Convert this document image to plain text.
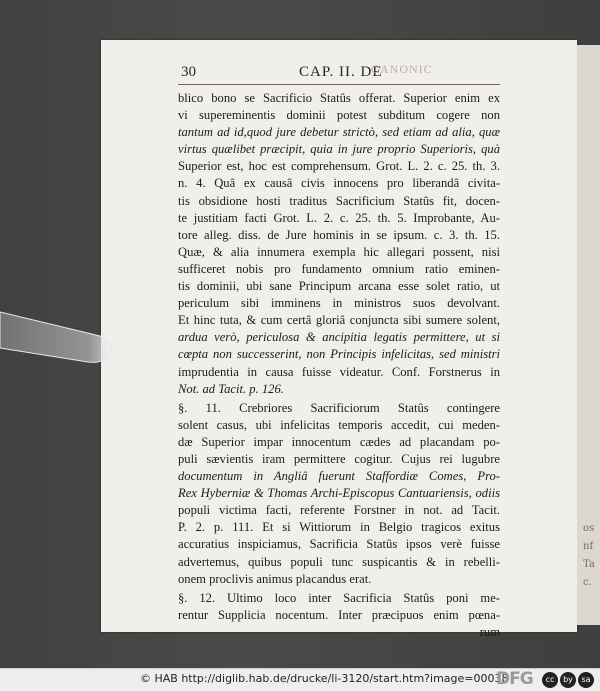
os
nf
Ta
c.
30	CAP. II. DE
CANONIC
blico bono se Sacrificio Statûs offerat. Superior enim ex
vi supereminentis dominii potest subditum cogere non
tantum ad id,quod jure debetur strictò, sed etiam ad alia, quæ
virtus quælibet præcipit, quia in jure proprio Superioris, quà
Superior est, hoc est comprehensum. Grot. L. 2. c. 25. th. 3.
n. 4. Quâ ex causâ civis innocens pro liberandâ civita-
tis obsidione hosti traditus Sacrificium Statûs fit, docen-
te justitiam facti Grot. L. 2. c. 25. th. 5. Improbante, Au-
tore alleg. diss. de Jure hominis in se ipsum. c. 3. th. 15.
Quæ, & alia innumera exempla hic allegari possent, nisi
sufficeret nobis pro fundamento omnium ratio eminen-
tis dominii, ubi sane Principum arcana esse solet ratio, ut
periculum sibi imminens in ministros suos devolvant.
Et hinc tuta, & cum certâ gloriâ conjuncta sibi sumere solent,
ardua verò, periculosa & ancipitia legatis permittere, ut si
cœpta non successerint, non Principis infelicitas, sed ministri
imprudentia in causa fuisse videatur. Conf. Forstnerus in
Not. ad Tacit. p. 126.
§. 11. Crebriores Sacrificiorum Statûs contingere
solent casus, ubi infelicitas temporis accedit, cui meden-
dæ Superior impar innocentum cædes ad placandam po-
puli sævientis iram permittere cogitur. Cujus rei lugubre
documentum in Angliâ fuerunt Staffordiæ Comes, Pro-
Rex Hyberniæ & Thomas Archi-Episcopus Cantuariensis, odiis
populi victima facti, referente Forstner in not. ad Tacit.
P. 2. p. 111. Et si Wittiorum in Belgio tragicos exitus
accuratius inspiciamus, Sacrificia Statûs ipsos verè fuisse
advertemus, quibus populi tunc suspicantis & in rebelli-
onem proclivis animus placandus erat.
§. 12. Ultimo loco inter Sacrificia Statûs poni me-
rentur Supplicia nocentum. Inter præcipuos enim pœna-
rum
© HAB http://diglib.hab.de/drucke/li-3120/start.htm?image=00038
DFG	cc	by	sa
